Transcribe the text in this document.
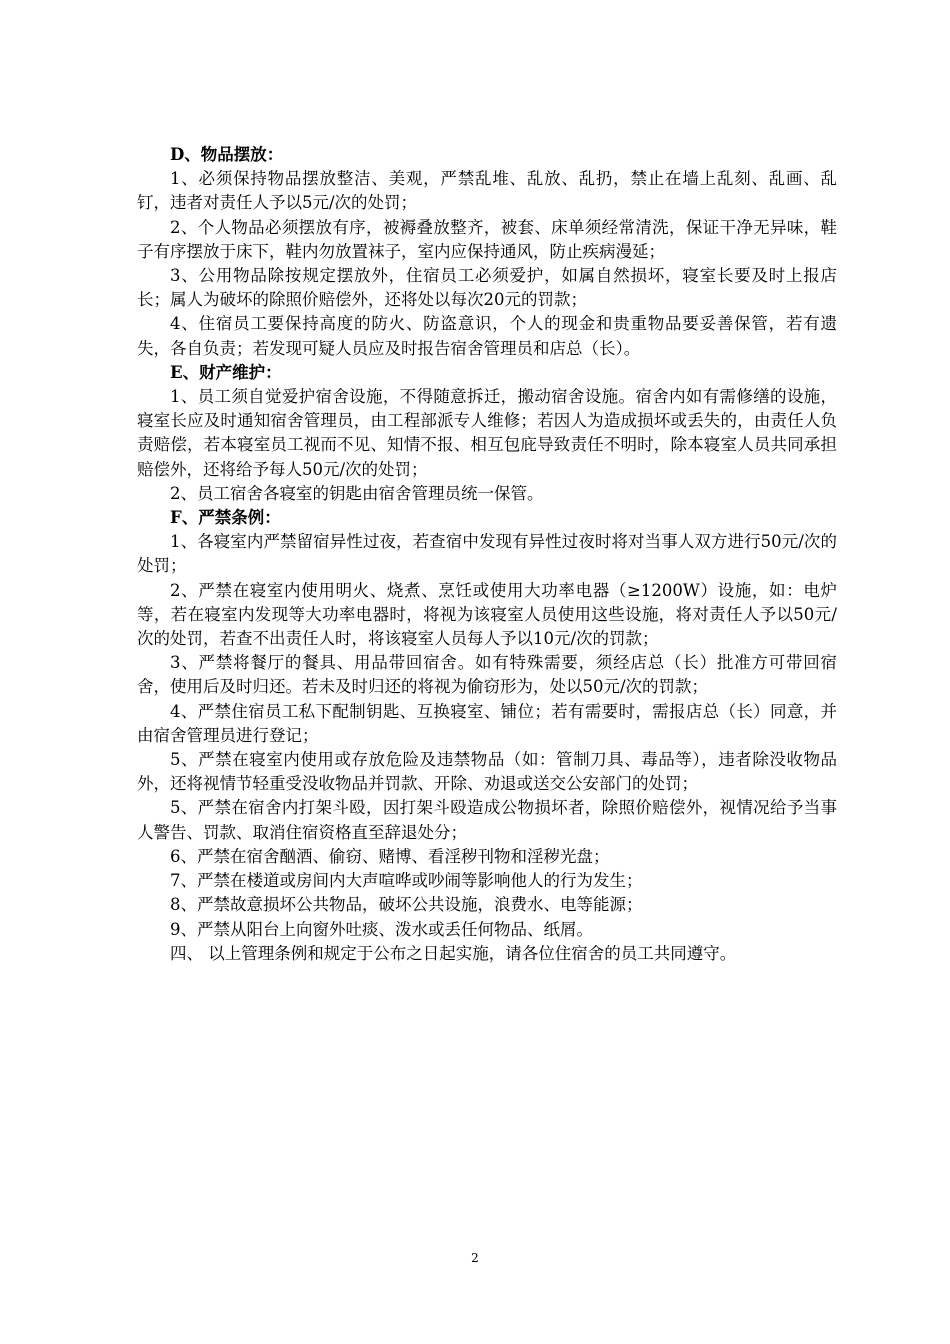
D、物品摆放：

1、必须保持物品摆放整洁、美观，严禁乱堆、乱放、乱扔，禁止在墙上乱刻、乱画、乱钉，违者对责任人予以5元/次的处罚；

2、个人物品必须摆放有序，被褥叠放整齐，被套、床单须经常清洗，保证干净无异味，鞋子有序摆放于床下，鞋内勿放置袜子，室内应保持通风，防止疾病漫延；

3、公用物品除按规定摆放外，住宿员工必须爱护，如属自然损坏，寝室长要及时上报店长；属人为破坏的除照价赔偿外，还将处以每次20元的罚款；

4、住宿员工要保持高度的防火、防盗意识，个人的现金和贵重物品要妥善保管，若有遗失，各自负责；若发现可疑人员应及时报告宿舍管理员和店总（长）。

E、财产维护：

1、员工须自觉爱护宿舍设施，不得随意拆迁，搬动宿舍设施。宿舍内如有需修缮的设施，寝室长应及时通知宿舍管理员，由工程部派专人维修；若因人为造成损坏或丢失的，由责任人负责赔偿，若本寝室员工视而不见、知情不报、相互包庇导致责任不明时，除本寝室人员共同承担赔偿外，还将给予每人50元/次的处罚；

2、员工宿舍各寝室的钥匙由宿舍管理员统一保管。

F、严禁条例：

1、各寝室内严禁留宿异性过夜，若查宿中发现有异性过夜时将对当事人双方进行50元/次的处罚；

2、严禁在寝室内使用明火、烧煮、烹饪或使用大功率电器（≥1200W）设施，如：电炉等，若在寝室内发现等大功率电器时，将视为该寝室人员使用这些设施，将对责任人予以50元/次的处罚，若查不出责任人时，将该寝室人员每人予以10元/次的罚款；

3、严禁将餐厅的餐具、用品带回宿舍。如有特殊需要，须经店总（长）批准方可带回宿舍，使用后及时归还。若未及时归还的将视为偷窃形为，处以50元/次的罚款；

4、严禁住宿员工私下配制钥匙、互换寝室、铺位；若有需要时，需报店总（长）同意，并由宿舍管理员进行登记；

5、严禁在寝室内使用或存放危险及违禁物品（如：管制刀具、毒品等），违者除没收物品外，还将视情节轻重受没收物品并罚款、开除、劝退或送交公安部门的处罚；

5、严禁在宿舍内打架斗殴，因打架斗殴造成公物损坏者，除照价赔偿外，视情况给予当事人警告、罚款、取消住宿资格直至辞退处分；

6、严禁在宿舍酗酒、偷窃、赌博、看淫秽刊物和淫秽光盘；

7、严禁在楼道或房间内大声喧哗或吵闹等影响他人的行为发生；

8、严禁故意损坏公共物品，破坏公共设施，浪费水、电等能源；

9、严禁从阳台上向窗外吐痰、泼水或丢任何物品、纸屑。

四、 以上管理条例和规定于公布之日起实施，请各位住宿舍的员工共同遵守。

2
